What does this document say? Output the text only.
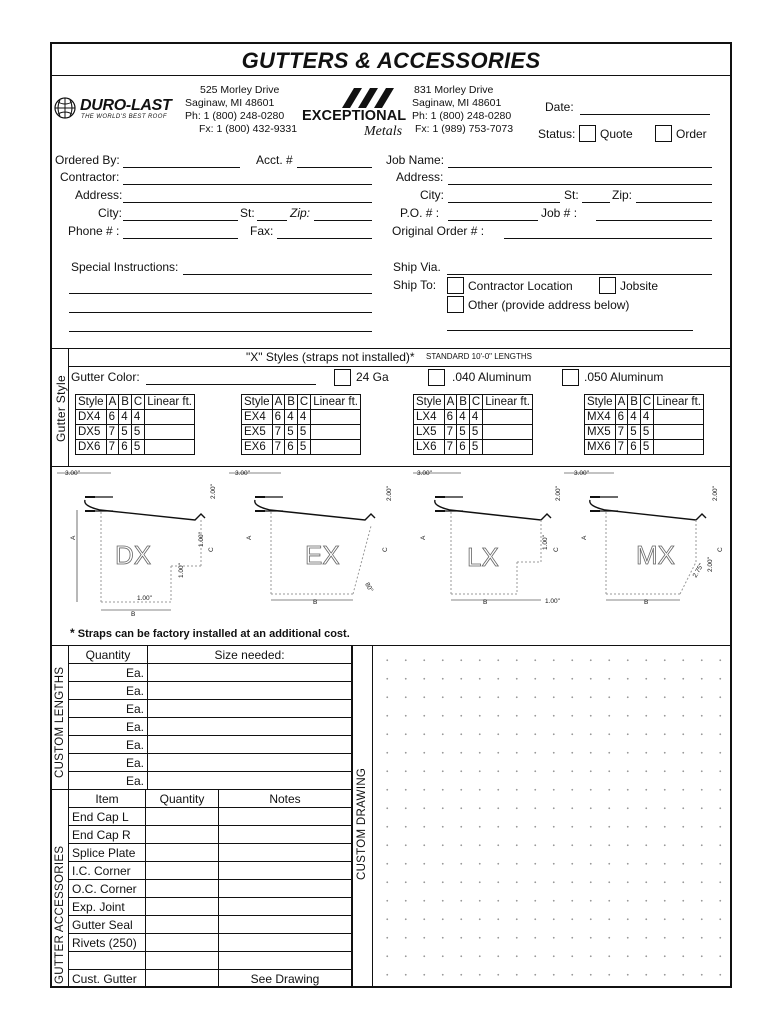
GUTTERS & ACCESSORIES
DURO-LAST
THE WORLD'S BEST ROOF
525 Morley Drive
Saginaw, MI 48601
Ph: 1 (800) 248-0280
Fx: 1 (800) 432-9331
EXCEPTIONAL
Metals
831 Morley Drive
Saginaw, MI 48601
Ph: 1 (800) 248-0280
Fx: 1 (989) 753-7073
Date:
Status: Quote	Order
Ordered By:	Acct. #
Contractor:
Address:
City:	St:	Zip:
Phone # :	Fax:
Job Name:
Address:
City:	St:	Zip:
P.O. # :	Job # :
Original Order # :
Special Instructions:	Ship Via.
Ship To:	Contractor Location	Jobsite
Other (provide address below)
Gutter Style
"X" Styles (straps not installed)* STANDARD 10'-0" LENGTHS
Gutter Color:	24 Ga	.040 Aluminum	.050 Aluminum
Style	A	B	C	Linear ft.
DX4	6	4	4	
DX5	7	5	5	
DX6	7	6	5	
Style	A	B	C	Linear ft.
EX4	6	4	4	
EX5	7	5	5	
EX6	7	6	5	
Style	A	B	C	Linear ft.
LX4	6	4	4	
LX5	7	5	5	
LX6	7	6	5	
Style	A	B	C	Linear ft.
MX4	6	4	4	
MX5	7	5	5	
MX6	7	6	5	
3.00"
DX
A
2.00"
1.00"
C
1.00"
1.00"
B
3.00"
EX
A
2.00"
C
80°
B
3.00"
LX
A
2.00"
1.00" C
B	1.00"
3.00"
MX
A
2.00"
2.00"
C
2.75"
B
* Straps can be factory installed at an additional cost.
CUSTOM LENGTHS
GUTTER ACCESSORIES
Quantity	Size needed:
Ea.	
Ea.	
Ea.	
Ea.	
Ea.	
Ea.	
Ea.	
Item	Quantity	Notes
End Cap L		
End Cap R		
Splice Plate		
I.C. Corner		
O.C. Corner		
Exp. Joint		
Gutter Seal		
Rivets (250)		

Cust. Gutter		See Drawing
CUSTOM DRAWING
